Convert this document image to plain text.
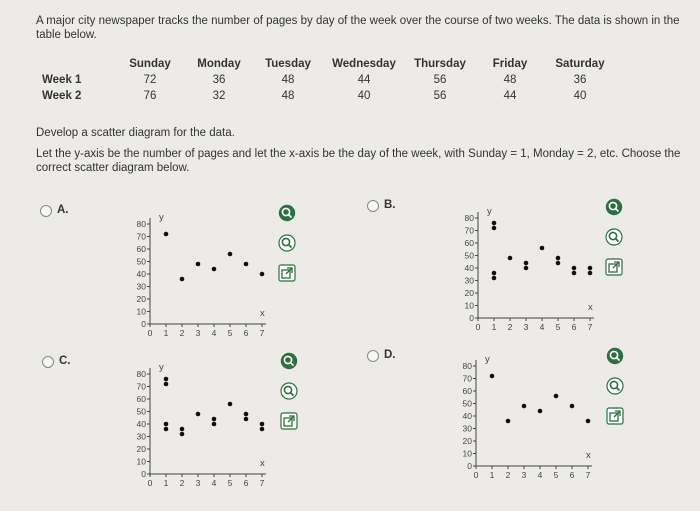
A major city newspaper tracks the number of pages by day of the week over the course of two weeks. The data is shown in the table below.
	Sunday	Monday	Tuesday	Wednesday	Thursday	Friday	Saturday
Week 1	72	36	48	44	56	48	36
Week 2	76	32	48	40	56	44	40

Develop a scatter diagram for the data.

Let the y-axis be the number of pages and let the x-axis be the day of the week, with Sunday = 1, Monday = 2, etc. Choose the correct scatter diagram below.

A.
0
10
20
30
40
50
60
70
80
0 1 2 3 4 5 6 7
y
x
B.
0
10
20
30
40
50
60
70
80
0 1 2 3 4 5 6 7
y
x
C.
0
10
20
30
40
50
60
70
80
0 1 2 3 4 5 6 7
y
x
D.
0
10
20
30
40
50
60
70
80
0 1 2 3 4 5 6 7
y
x
